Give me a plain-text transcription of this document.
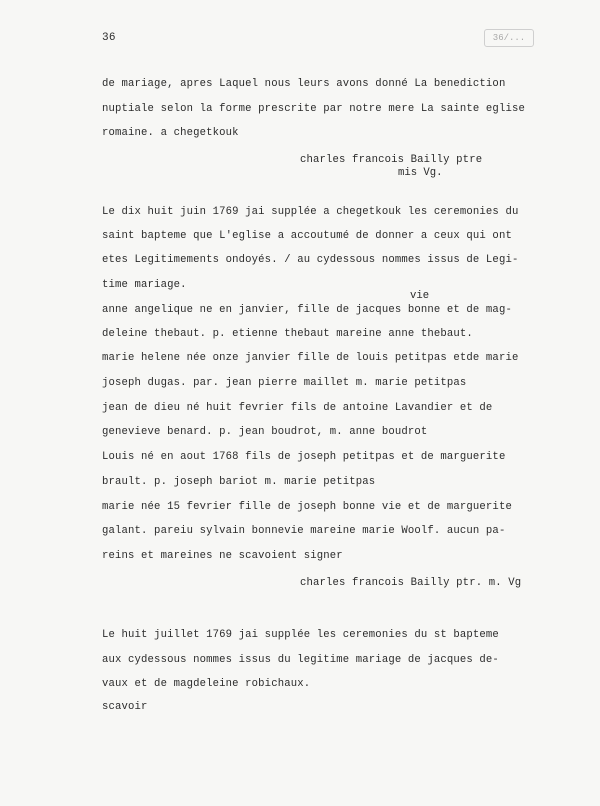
36	36/...
de mariage, apres Laquel nous leurs avons donné La benediction
nuptiale selon la forme prescrite par notre mere La sainte eglise
romaine. a chegetkouk
charles francois Bailly ptre
mis Vg.
Le dix huit juin 1769 jai supplée a chegetkouk les ceremonies du
saint bapteme que L'eglise a accoutumé de donner a ceux qui ont
etes Legitimements ondoyés. / au cydessous nommes issus de Legi-
time mariage.
vie
anne angelique ne en janvier, fille de jacques bonne et de mag-
deleine thebaut. p. etienne thebaut mareine anne thebaut.
marie helene née onze janvier fille de louis petitpas etde marie
joseph dugas. par. jean pierre maillet m. marie petitpas
jean de dieu né huit fevrier fils de antoine Lavandier et de
genevieve benard. p. jean boudrot, m. anne boudrot
Louis né en aout 1768 fils de joseph petitpas et de marguerite
brault. p. joseph bariot m. marie petitpas
marie née 15 fevrier fille de joseph bonne vie et de marguerite
galant. pareiu sylvain bonnevie mareine marie Woolf. aucun pa-
reins et mareines ne scavoient signer
charles francois Bailly ptr. m. Vg
Le huit juillet 1769 jai supplée les ceremonies du st bapteme
aux cydessous nommes issus du legitime mariage de jacques de-
vaux et de magdeleine robichaux.
scavoir
